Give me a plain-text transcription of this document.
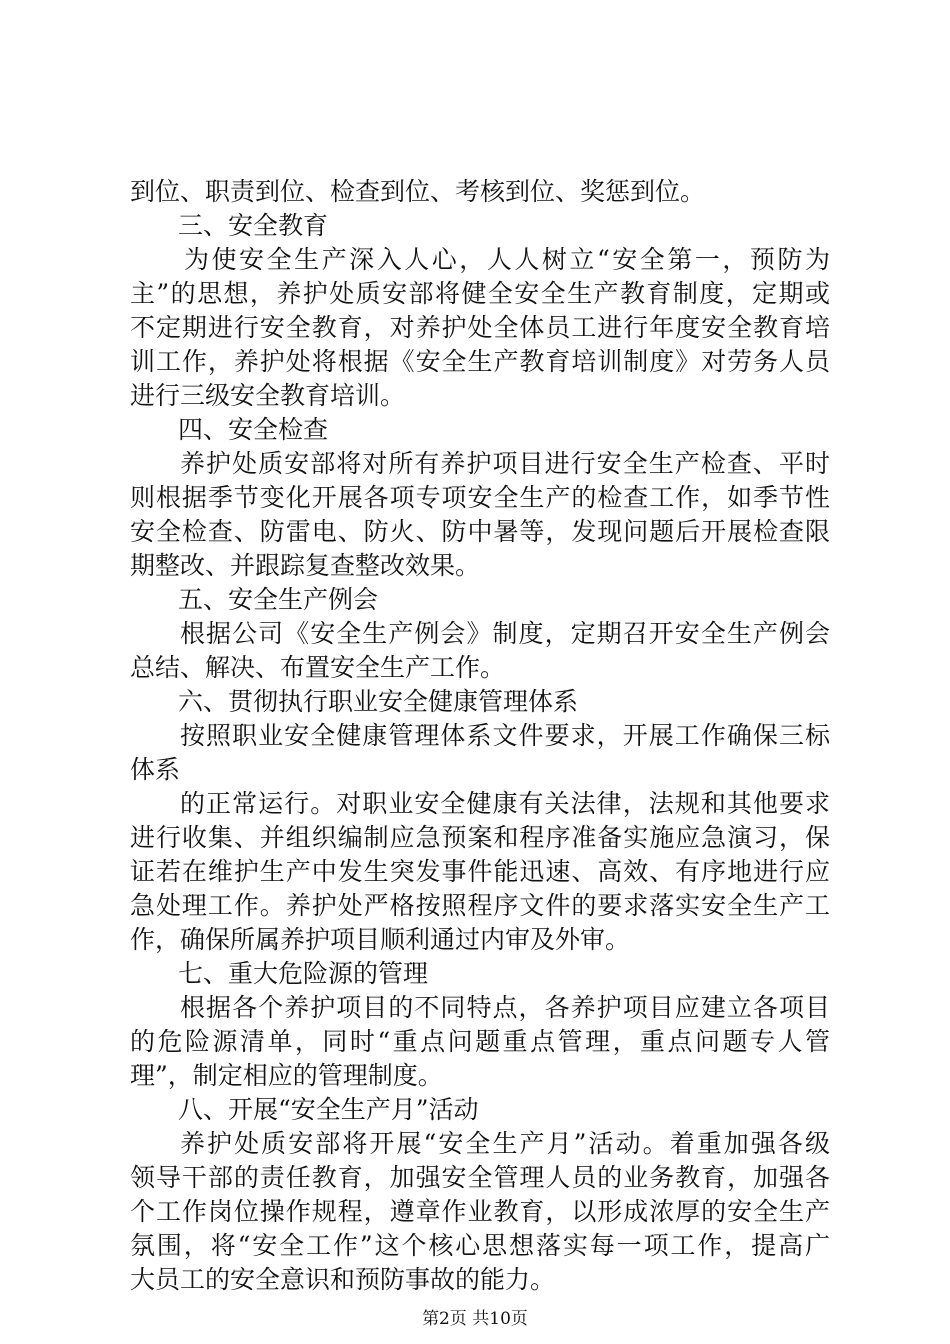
到位、职责到位、检查到位、考核到位、奖惩到位。
三、安全教育
为使安全生产深入人心，人人树立“安全第一，预防为
主”的思想，养护处质安部将健全安全生产教育制度，定期或
不定期进行安全教育，对养护处全体员工进行年度安全教育培
训工作，养护处将根据《安全生产教育培训制度》对劳务人员
进行三级安全教育培训。
四、安全检查
养护处质安部将对所有养护项目进行安全生产检查、平时
则根据季节变化开展各项专项安全生产的检查工作，如季节性
安全检查、防雷电、防火、防中暑等，发现问题后开展检查限
期整改、并跟踪复查整改效果。
五、安全生产例会
根据公司《安全生产例会》制度，定期召开安全生产例会
总结、解决、布置安全生产工作。
六、贯彻执行职业安全健康管理体系
按照职业安全健康管理体系文件要求，开展工作确保三标
体系
的正常运行。对职业安全健康有关法律，法规和其他要求
进行收集、并组织编制应急预案和程序准备实施应急演习，保
证若在维护生产中发生突发事件能迅速、高效、有序地进行应
急处理工作。养护处严格按照程序文件的要求落实安全生产工
作，确保所属养护项目顺利通过内审及外审。
七、重大危险源的管理
根据各个养护项目的不同特点，各养护项目应建立各项目
的危险源清单，同时“重点问题重点管理，重点问题专人管
理”，制定相应的管理制度。
八、开展“安全生产月”活动
养护处质安部将开展“安全生产月”活动。着重加强各级
领导干部的责任教育，加强安全管理人员的业务教育，加强各
个工作岗位操作规程，遵章作业教育，以形成浓厚的安全生产
氛围，将“安全工作”这个核心思想落实每一项工作，提高广
大员工的安全意识和预防事故的能力。
第2页 共10页
